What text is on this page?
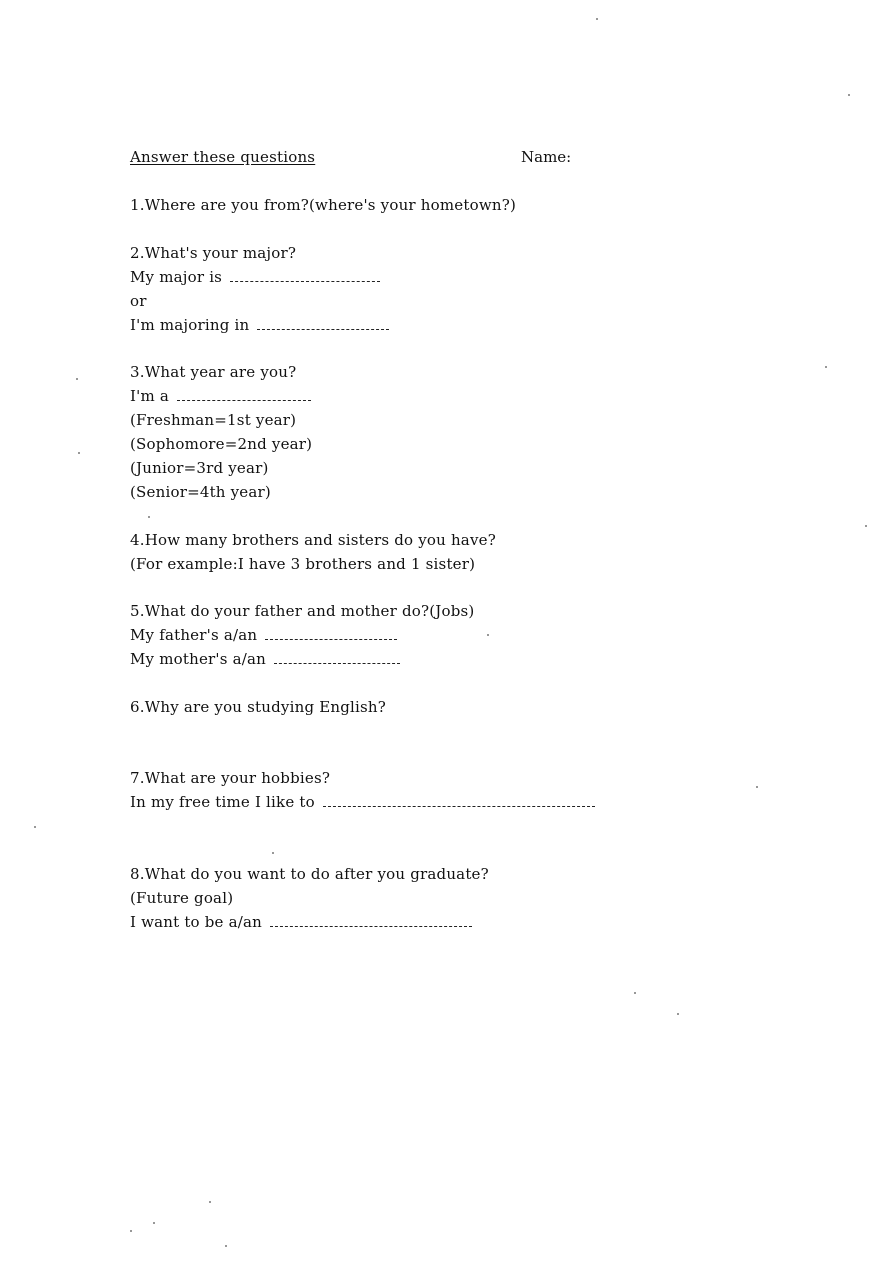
Answer these questions	Name:
1.Where are you from?(where's your hometown?)
2.What's your major?
My major is
or
I'm majoring in
3.What year are you?
I'm a
(Freshman=1st year)
(Sophomore=2nd year)
(Junior=3rd year)
(Senior=4th year)
4.How many brothers and sisters do you have?
(For example:I have 3 brothers and 1 sister)
5.What do your father and mother do?(Jobs)
My father's a/an
My mother's a/an
6.Why are you studying English?
7.What are your hobbies?
In my free time I like to
8.What do you want to do after you graduate?
(Future goal)
I want to be a/an
